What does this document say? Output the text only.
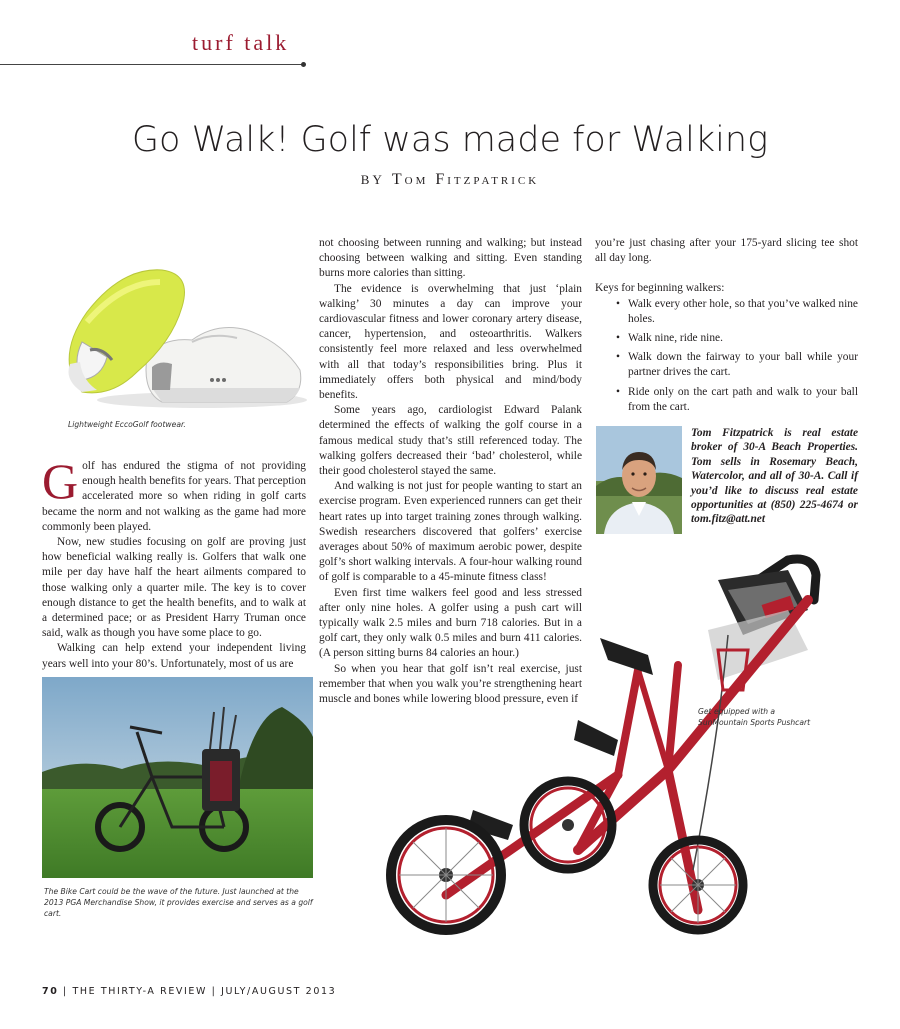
turf talk
Go Walk! Golf was made for Walking
BY Tom Fitzpatrick
Lightweight EccoGolf footwear.

Golf has endured the stigma of not providing enough health benefits for years. That perception accelerated more so when riding in golf carts became the norm and not walking as the game had more commonly been played.

Now, new studies focusing on golf are proving just how beneficial walking really is. Golfers that walk one mile per day have half the heart ailments compared to those walking only a quarter mile. The key is to cover enough distance to get the health benefits, and to walk at a determined pace; or as President Harry Truman once said, walk as though you have some place to go.

Walking can help extend your independent living years well into your 80’s. Unfortunately, most of us are

The Bike Cart could be the wave of the future. Just launched at the 2013 PGA Merchandise Show, it provides exercise and serves as a golf cart.

not choosing between running and walking; but instead choosing between walking and sitting. Even standing burns more calories than sitting.

The evidence is overwhelming that just ‘plain walking’ 30 minutes a day can improve your cardiovascular fitness and lower coronary artery disease, cancer, hypertension, and osteoarthritis. Walkers consistently feel more relaxed and less overwhelmed with all that today’s responsibilities bring. Plus it immediately offers both physical and mind/body benefits.

Some years ago, cardiologist Edward Palank determined the effects of walking the golf course in a famous medical study that’s still referenced today. The walking golfers decreased their ‘bad’ cholesterol, while their good cholesterol stayed the same.

And walking is not just for people wanting to start an exercise program. Even experienced runners can get their heart rates up into target training zones through walking. Swedish researchers discovered that golfers’ exercise averages about 50% of maximum aerobic power, despite golf’s short walking intervals. A four-hour walking round of golf is comparable to a 45-minute fitness class!

Even first time walkers feel good and less stressed after only nine holes. A golfer using a push cart will typically walk 2.5 miles and burn 718 calories. But in a golf cart, they only walk 0.5 miles and burn 411 calories. (A person sitting burns 84 calories an hour.)

So when you hear that golf isn’t real exercise, just remember that when you walk you’re strengthening heart muscle and bones while lowering blood pressure, even if

you’re just chasing after your 175-yard slicing tee shot all day long.

Keys for beginning walkers:

• Walk every other hole, so that you’ve walked nine holes.
• Walk nine, ride nine.
• Walk down the fairway to your ball while your partner drives the cart.
• Ride only on the cart path and walk to your ball from the cart.
Tom Fitzpatrick is real estate broker of 30-A Beach Properties. Tom sells in Rosemary Beach, Watercolor, and all of 30-A. Call if you’d like to discuss real estate opportunities at (850) 225-4674 or tom.fitz@att.net
Get equipped with a SunMountain Sports Pushcart
70 | THE THIRTY-A REVIEW | JULY/AUGUST 2013
